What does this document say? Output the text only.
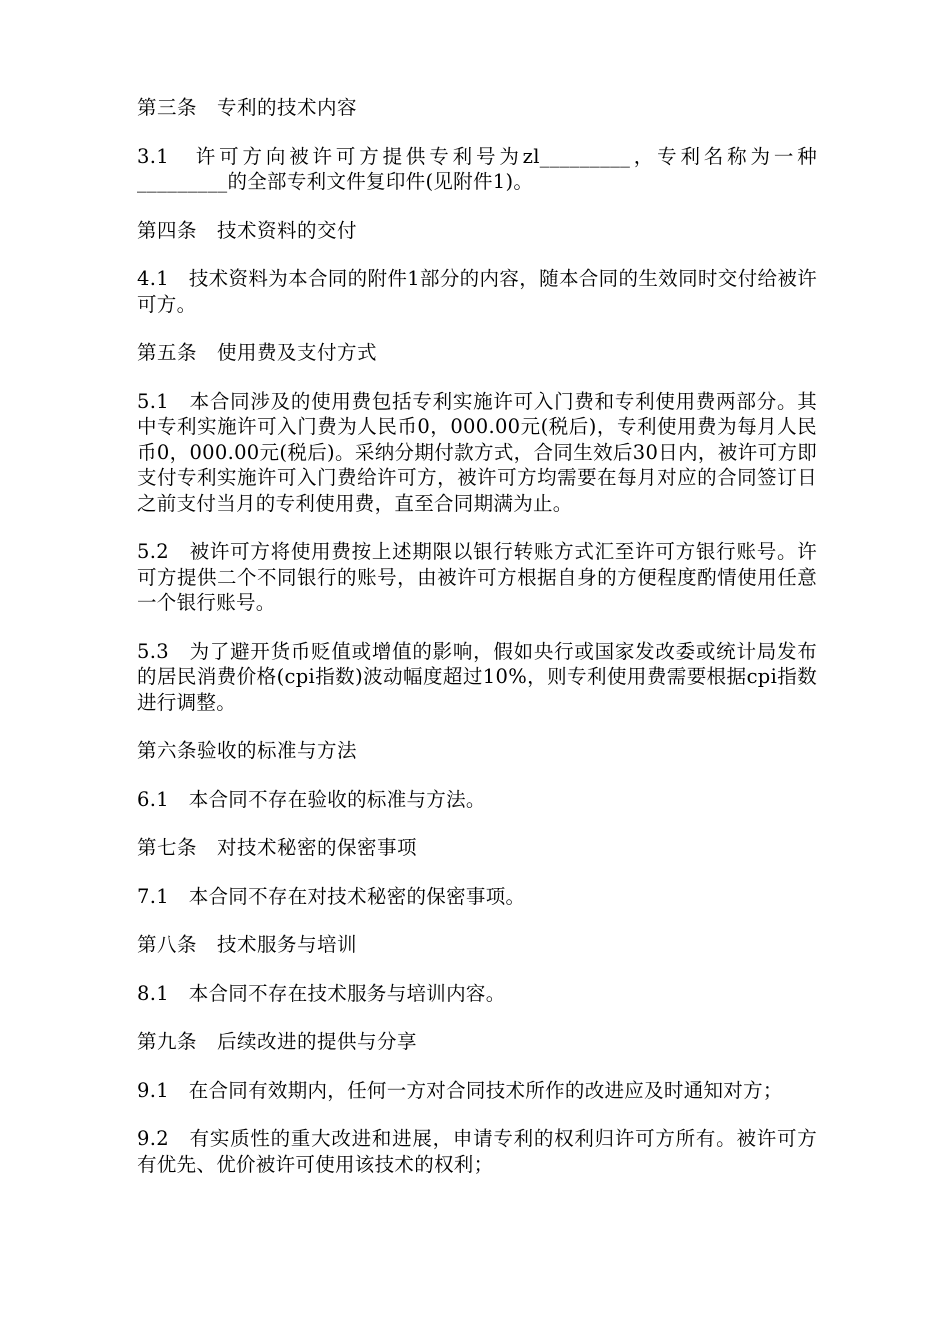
第三条　专利的技术内容
3.1　许可方向被许可方提供专利号为zl_________，专利名称为一种_________的全部专利文件复印件(见附件1)。
第四条　技术资料的交付
4.1　技术资料为本合同的附件1部分的内容，随本合同的生效同时交付给被许可方。
第五条　使用费及支付方式
5.1　本合同涉及的使用费包括专利实施许可入门费和专利使用费两部分。其中专利实施许可入门费为人民币0，000.00元(税后)，专利使用费为每月人民币0，000.00元(税后)。采纳分期付款方式，合同生效后30日内，被许可方即支付专利实施许可入门费给许可方，被许可方均需要在每月对应的合同签订日之前支付当月的专利使用费，直至合同期满为止。
5.2　被许可方将使用费按上述期限以银行转账方式汇至许可方银行账号。许可方提供二个不同银行的账号，由被许可方根据自身的方便程度酌情使用任意一个银行账号。
5.3　为了避开货币贬值或增值的影响，假如央行或国家发改委或统计局发布的居民消费价格(cpi指数)波动幅度超过10%，则专利使用费需要根据cpi指数进行调整。
第六条验收的标准与方法
6.1　本合同不存在验收的标准与方法。
第七条　对技术秘密的保密事项
7.1　本合同不存在对技术秘密的保密事项。
第八条　技术服务与培训
8.1　本合同不存在技术服务与培训内容。
第九条　后续改进的提供与分享
9.1　在合同有效期内，任何一方对合同技术所作的改进应及时通知对方；
9.2　有实质性的重大改进和进展，申请专利的权利归许可方所有。被许可方有优先、优价被许可使用该技术的权利；
